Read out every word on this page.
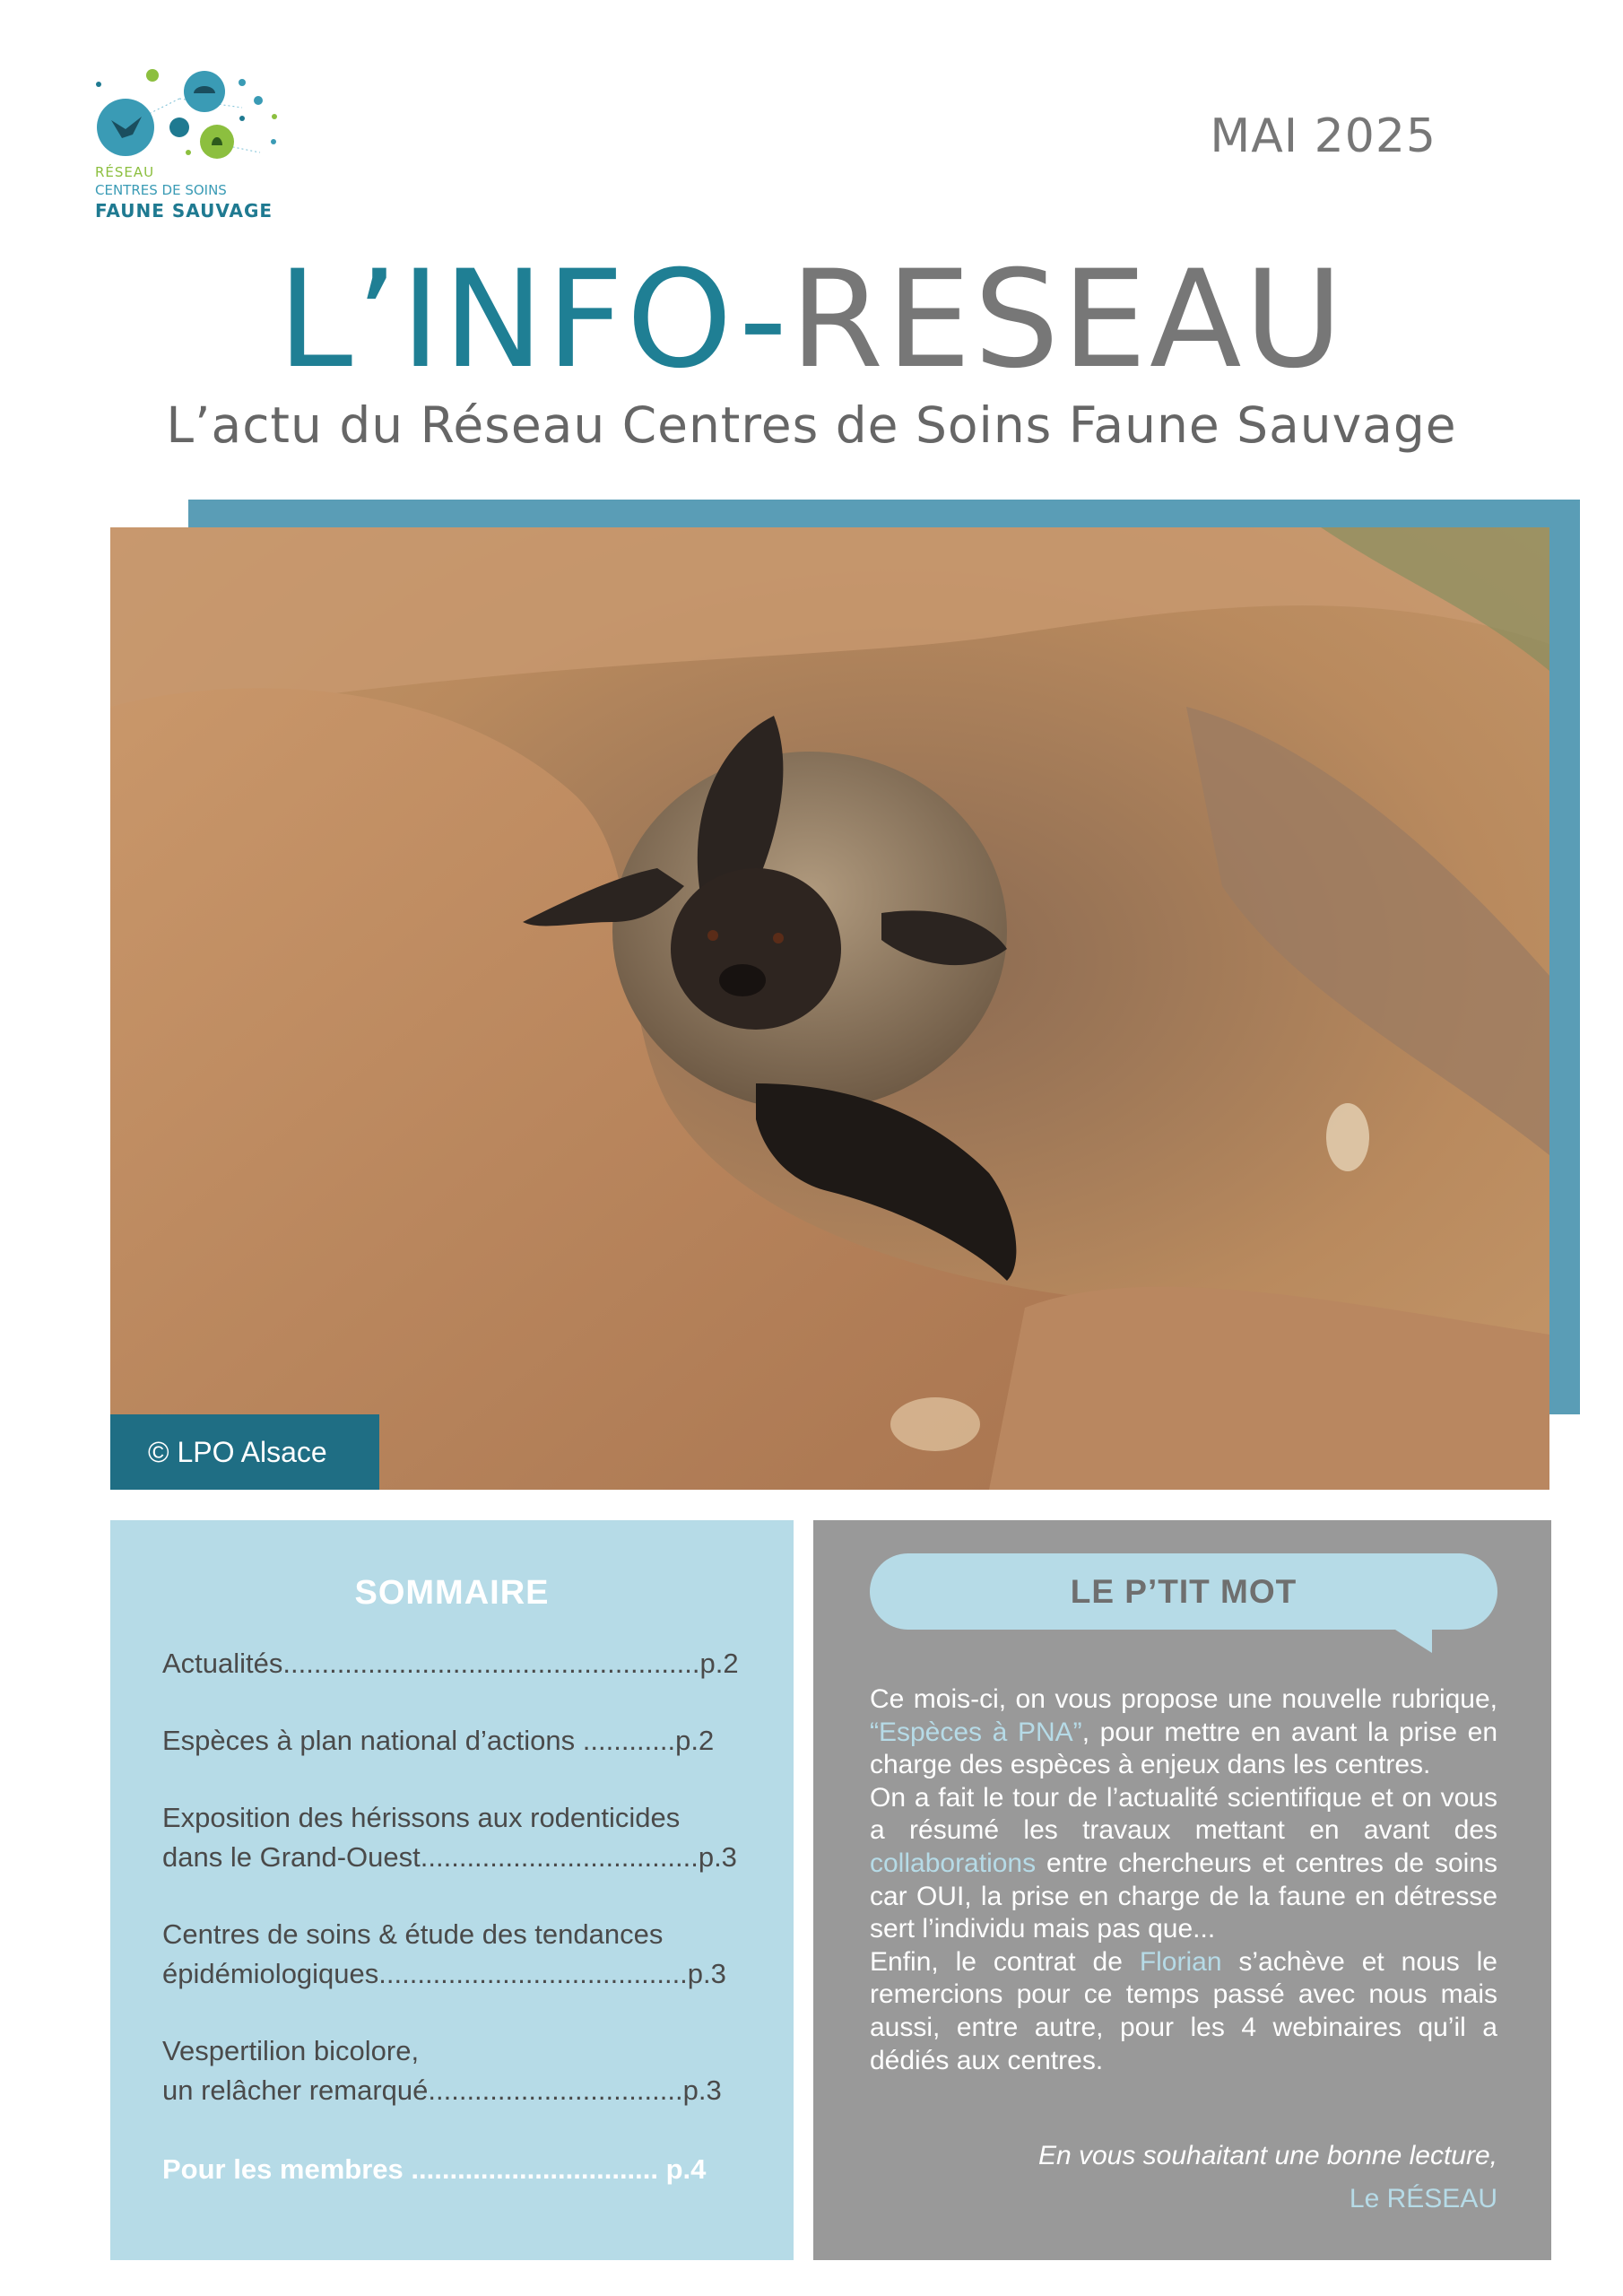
RÉSEAU
CENTRES DE SOINS
FAUNE SAUVAGE
MAI 2025
L’INFO-RESEAU
L’actu du Réseau Centres de Soins Faune Sauvage
© LPO Alsace
SOMMAIRE
Actualités......................................................p.2
Espèces à plan national d’actions ............p.2
Exposition des hérissons aux rodenticides
dans le Grand-Ouest....................................p.3
Centres de soins & étude des tendances
épidémiologiques........................................p.3
Vespertilion bicolore,
un relâcher remarqué.................................p.3
Pour les membres ................................ p.4
LE P’TIT MOT

Ce mois-ci, on vous propose une nouvelle rubrique, “Espèces à PNA”, pour mettre en avant la prise en charge des espèces à enjeux dans les centres.

On a fait le tour de l’actualité scientifique et on vous a résumé les travaux mettant en avant des collaborations entre chercheurs et centres de soins car OUI, la prise en charge de la faune en détresse sert l’individu mais pas que...

Enfin, le contrat de Florian s’achève et nous le remercions pour ce temps passé avec nous mais aussi, entre autre, pour les 4 webinaires qu’il a dédiés aux centres.

En vous souhaitant une bonne lecture,
Le RÉSEAU
